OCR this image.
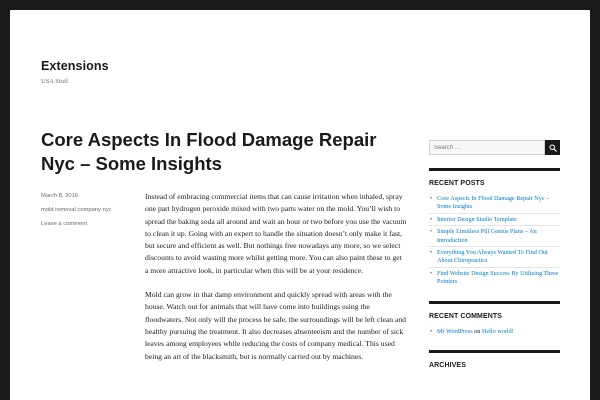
Extensions
USA Stuff
Core Aspects In Flood Damage Repair Nyc – Some Insights
March 8, 2016
mold removal company nyc
Leave a comment

Instead of embracing commercial items that can cause irritation when inhaled, spray one part hydrogen peroxide mixed with two parts water on the mold. You’ll wish to spread the baking soda all around and wait an hour or two before you use the vacuum to clean it up. Going with an expert to handle the situation doesn’t only make it fast, but secure and efficient as well. But nothings free nowadays any more, so we select discounts to avoid wasting more whilst getting more. You can also paint these to get a more attractive look, in particular when this will be at your residence.

Mold can grow in that damp environment and quickly spread with areas with the house. Watch out for animals that will have come into buildings using the floodwaters. Not only will the process be safe, the surroundings will be left clean and healthy pursuing the treatment. It also decreases absenteeism and the number of sick leaves among employees while reducing the costs of company medical. This used being an art of the blacksmith, but is normally carried out by machines.

Search …
RECENT POSTS
• Core Aspects In Flood Damage Repair Nyc – Some Insights
• Interior Design Studio Template
• Simple Limitless Pill Genius Plans – An Introduction
• Everything You Always Wanted To Find Out About Chiropractics
• Find Website Design Success By Utilizing These Pointers
RECENT COMMENTS
• Mr WordPress on Hello world!
ARCHIVES
